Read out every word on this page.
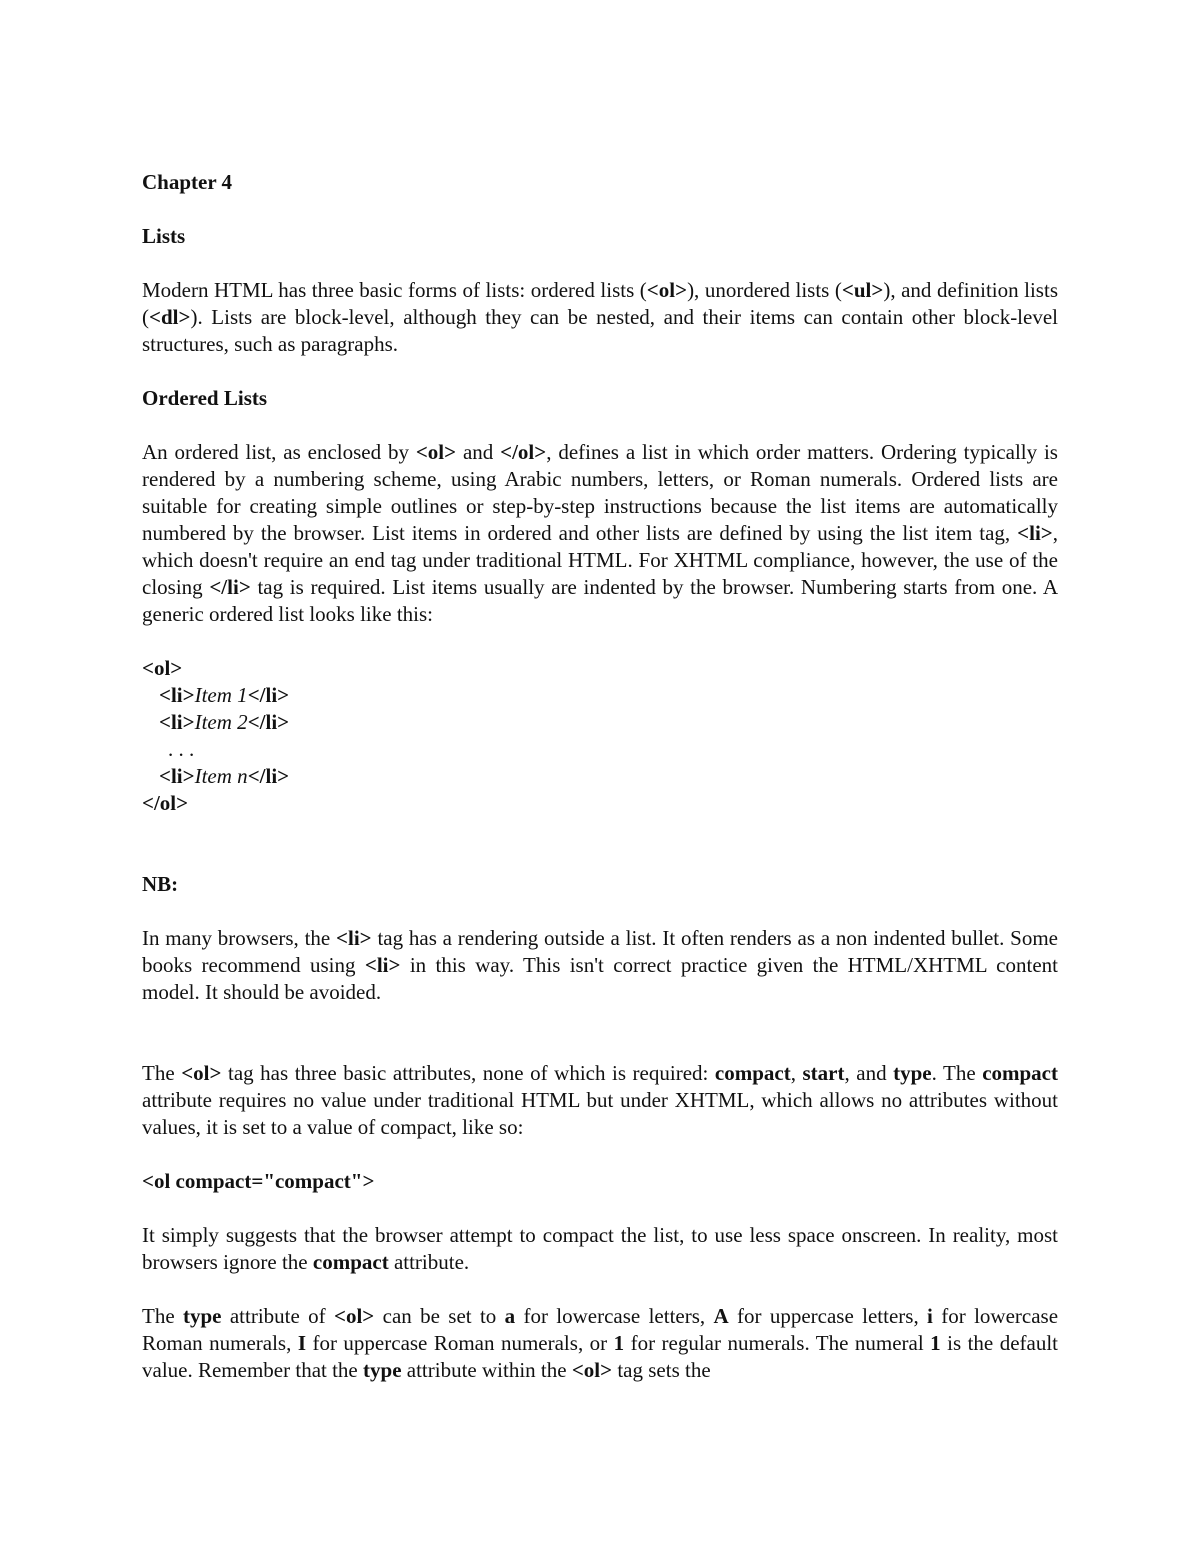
Chapter 4
Lists

Modern HTML has three basic forms of lists: ordered lists (<ol>), unordered lists (<ul>), and definition lists (<dl>). Lists are block-level, although they can be nested, and their items can contain other block-level structures, such as paragraphs.

Ordered Lists

An ordered list, as enclosed by <ol> and </ol>, defines a list in which order matters. Ordering typically is rendered by a numbering scheme, using Arabic numbers, letters, or Roman numerals. Ordered lists are suitable for creating simple outlines or step-by-step instructions because the list items are automatically numbered by the browser. List items in ordered and other lists are defined by using the list item tag, <li>, which doesn't require an end tag under traditional HTML. For XHTML compliance, however, the use of the closing </li> tag is required. List items usually are indented by the browser. Numbering starts from one. A generic ordered list looks like this:

<ol>
<li>Item 1</li>
<li>Item 2</li>
. . .
<li>Item n</li>
</ol>
NB:

In many browsers, the <li> tag has a rendering outside a list. It often renders as a non indented bullet. Some books recommend using <li> in this way. This isn't correct practice given the HTML/XHTML content model. It should be avoided.

The <ol> tag has three basic attributes, none of which is required: compact, start, and type. The compact attribute requires no value under traditional HTML but under XHTML, which allows no attributes without values, it is set to a value of compact, like so:

<ol compact="compact">

It simply suggests that the browser attempt to compact the list, to use less space onscreen. In reality, most browsers ignore the compact attribute.

The type attribute of <ol> can be set to a for lowercase letters, A for uppercase letters, i for lowercase Roman numerals, I for uppercase Roman numerals, or 1 for regular numerals. The numeral 1 is the default value. Remember that the type attribute within the <ol> tag sets the
